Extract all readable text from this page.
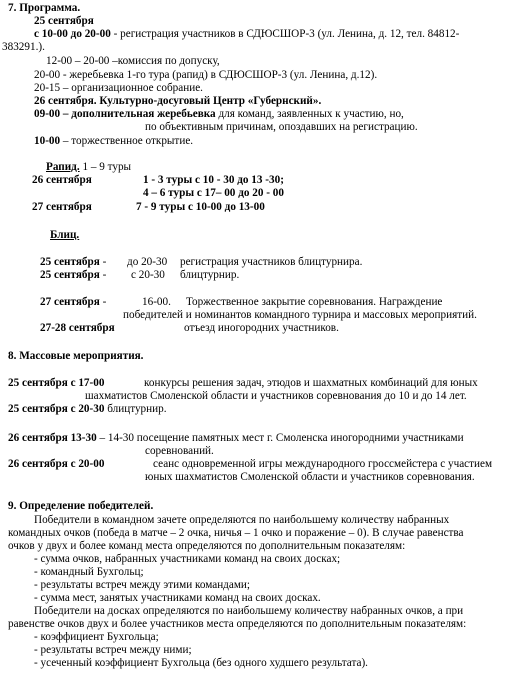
7. Программа.
25 сентября
с 10-00 до 20-00 - регистрация участников в СДЮСШОР-3 (ул. Ленина, д. 12, тел. 84812-
383291.).
12-00 – 20-00 –комиссия по допуску,
20-00 - жеребьевка 1-го тура (рапид) в СДЮСШОР-3 (ул. Ленина, д.12).
20-15 – организационное собрание.
26 сентября. Культурно-досуговый Центр «Губернский».
09-00 – дополнительная жеребьевка для команд, заявленных к участию, но,
по объективным причинам, опоздавших на регистрацию.
10-00 – торжественное открытие.
Рапид. 1 – 9 туры
26 сентября	1 - 3 туры с 10 - 30 до 13 -30;
4 – 6 туры с 17– 00 до 20 - 00
27 сентября	7 - 9 туры с 10-00 до 13-00
Блиц.
25 сентября - до 20-30 регистрация участников блицтурнира.
25 сентября - с 20-30 блицтурнир.
27 сентября -	16-00. Торжественное закрытие соревнования. Награждение
победителей и номинантов командного турнира и массовых мероприятий.
27-28 сентября	отъезд иногородних участников.
8. Массовые мероприятия.
25 сентября с 17-00	конкурсы решения задач, этюдов и шахматных комбинаций для юных
шахматистов Смоленской области и участников соревнования до 10 и до 14 лет.
25 сентября с 20-30 блицтурнир.
26 сентября 13-30 – 14-30 посещение памятных мест г. Смоленска иногородними участниками
соревнований.
26 сентября с 20-00	сеанс одновременной игры международного гроссмейстера с участием
юных шахматистов Смоленской области и участников соревнования.
9. Определение победителей.
Победители в командном зачете определяются по наибольшему количеству набранных
командных очков (победа в матче – 2 очка, ничья – 1 очко и поражение – 0). В случае равенства
очков у двух и более команд места определяются по дополнительным показателям:
- сумма очков, набранных участниками команд на своих досках;
- командный Бухгольц;
- результаты встреч между этими командами;
- сумма мест, занятых участниками команд на своих досках.
Победители на досках определяются по наибольшему количеству набранных очков, а при
равенстве очков двух и более участников места определяются по дополнительным показателям:
- коэффициент Бухгольца;
- результаты встреч между ними;
- усеченный коэффициент Бухгольца (без одного худшего результата).
